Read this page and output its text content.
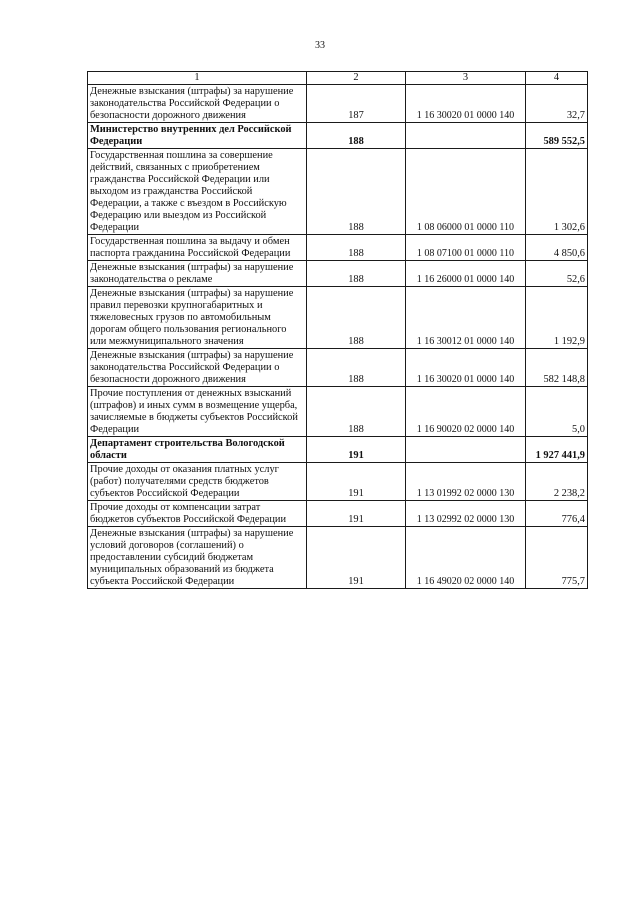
33
1	2	3	4
Денежные взыскания (штрафы) за нарушение законодательства Российской Федерации о безопасности дорожного движения	187	1 16 30020 01 0000 140	32,7
Министерство внутренних дел Российской Федерации	188		589 552,5
Государственная пошлина за совершение действий, связанных с приобретением гражданства Российской Федерации или выходом из гражданства Российской Федерации, а также с въездом в Российскую Федерацию или выездом из Российской Федерации	188	1 08 06000 01 0000 110	1 302,6
Государственная пошлина за выдачу и обмен паспорта гражданина Российской Федерации	188	1 08 07100 01 0000 110	4 850,6
Денежные взыскания (штрафы) за нарушение законодательства о рекламе	188	1 16 26000 01 0000 140	52,6
Денежные взыскания (штрафы) за нарушение правил перевозки крупногабаритных и тяжеловесных грузов по автомобильным дорогам общего пользования регионального или межмуниципального значения	188	1 16 30012 01 0000 140	1 192,9
Денежные взыскания (штрафы) за нарушение законодательства Российской Федерации о безопасности дорожного движения	188	1 16 30020 01 0000 140	582 148,8
Прочие поступления от денежных взысканий (штрафов) и иных сумм в возмещение ущерба, зачисляемые в бюджеты субъектов Российской Федерации	188	1 16 90020 02 0000 140	5,0
Департамент строительства Вологодской области	191		1 927 441,9
Прочие доходы от оказания платных услуг (работ) получателями средств бюджетов субъектов Российской Федерации	191	1 13 01992 02 0000 130	2 238,2
Прочие доходы от компенсации затрат бюджетов субъектов Российской Федерации	191	1 13 02992 02 0000 130	776,4
Денежные взыскания (штрафы) за нарушение условий договоров (соглашений) о предоставлении субсидий бюджетам муниципальных образований из бюджета субъекта Российской Федерации	191	1 16 49020 02 0000 140	775,7
